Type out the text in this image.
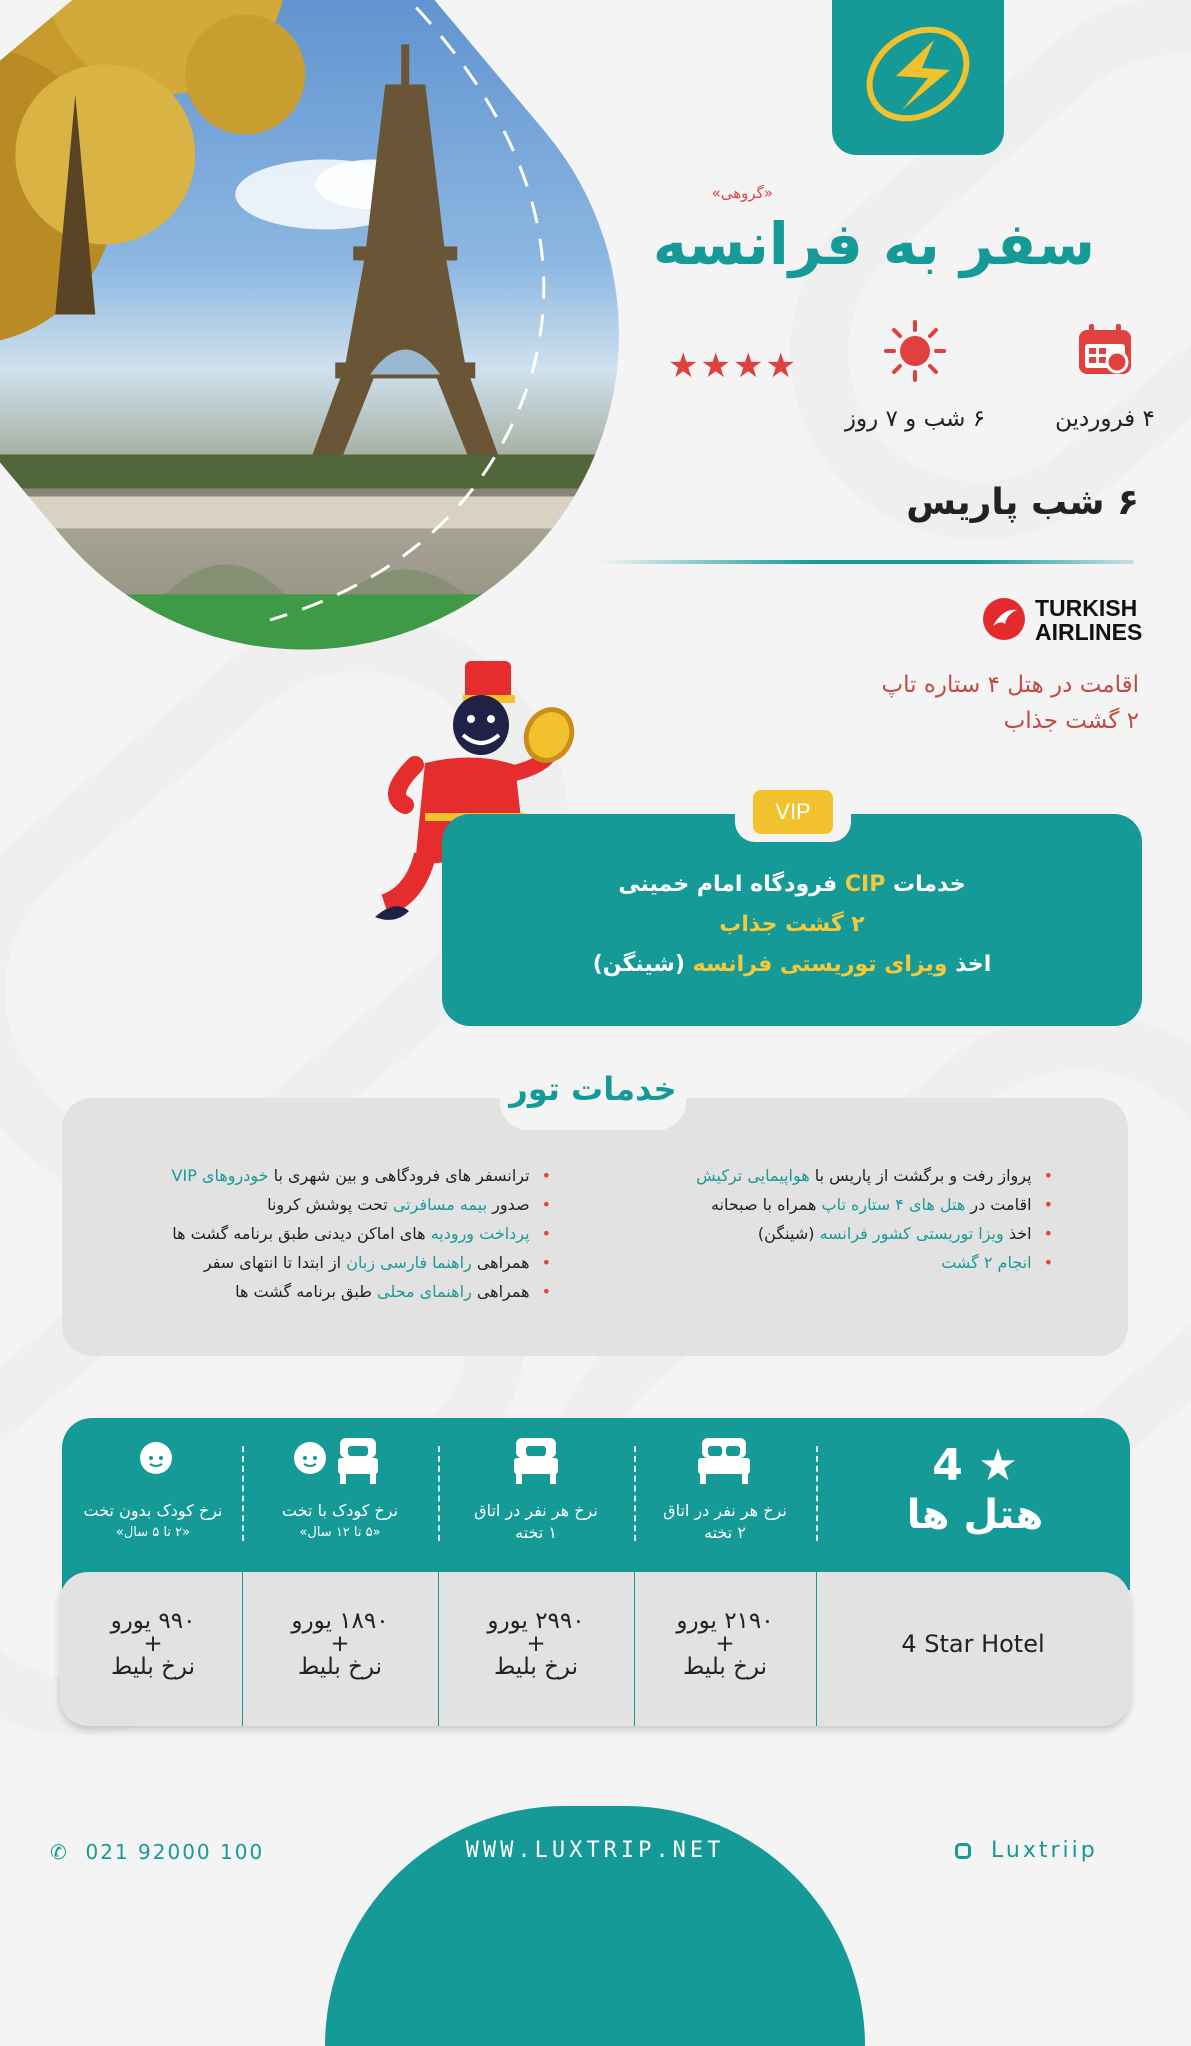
«گروهی»
سفر به فرانسه
۴ فروردین
۶ شب و ۷ روز
★★★★
۶ شب پاریس
TURKISH
AIRLINES
اقامت در هتل ۴ ستاره تاپ
۲ گشت جذاب
VIP
خدمات CIP فرودگاه امام خمینی
۲ گشت جذاب
اخذ ویزای توریستی فرانسه (شینگن)
خدمات تور
•پرواز رفت و برگشت از پاریس با هواپیمایی ترکیش
•اقامت در هتل های ۴ ستاره تاپ همراه با صبحانه
•اخذ ویزا توریستی کشور فرانسه (شینگن)
•انجام ۲ گشت
•ترانسفر های فرودگاهی و بین شهری با خودروهای VIP
•صدور بیمه مسافرتی تحت پوشش کرونا
•پرداخت ورودیه های اماکن دیدنی طبق برنامه گشت ها
•همراهی راهنما فارسی زبان از ابتدا تا انتهای سفر
•همراهی راهنمای محلی طبق برنامه گشت ها
4 ★
هتل ها
نرخ هر نفر در اتاق
۲ تخته
نرخ هر نفر در اتاق
۱ تخته
نرخ کودک با تخت
«۵ تا ۱۲ سال»
نرخ کودک بدون تخت
«۲ تا ۵ سال»
4 Star Hotel
۲۱۹۰ یورو
+
نرخ بلیط
۲۹۹۰ یورو
+
نرخ بلیط
۱۸۹۰ یورو
+
نرخ بلیط
۹۹۰ یورو
+
نرخ بلیط
WWW.LUXTRIP.NET
✆ 021 92000 100	Luxtriip
